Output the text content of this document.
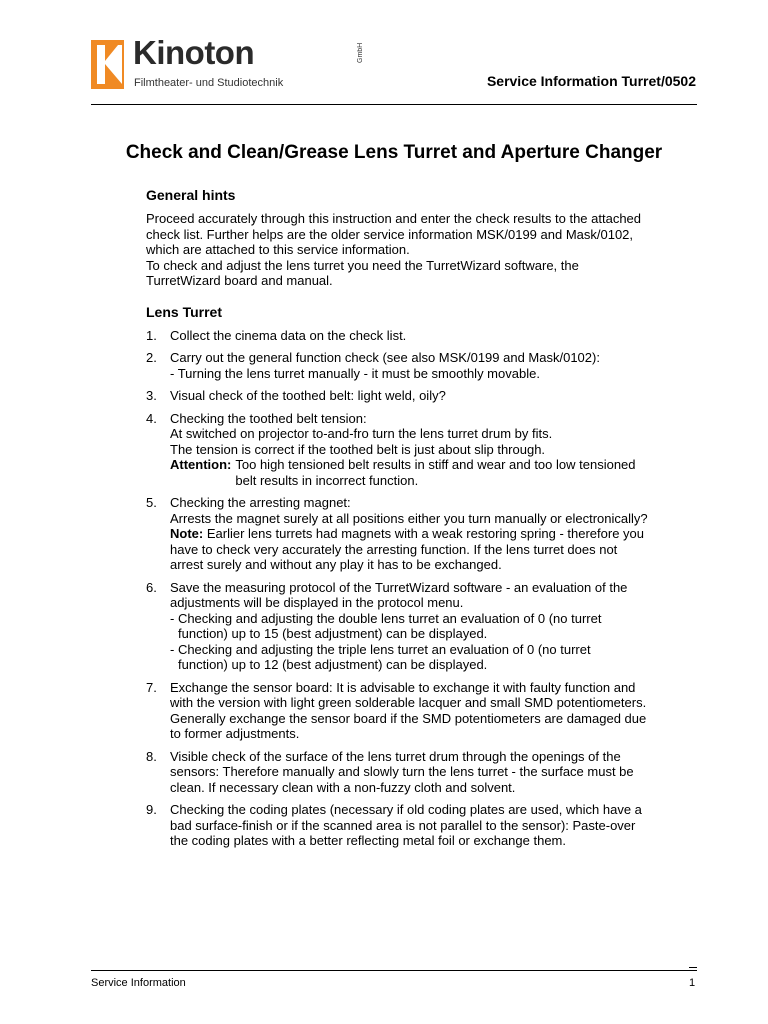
Kinoton
Filmtheater- und Studiotechnik
GmbH
Service Information Turret/0502
Check and Clean/Grease Lens Turret and Aperture Changer
General hints

Proceed accurately through this instruction and enter the check results to the attached
check list. Further helps are the older service information MSK/0199 and Mask/0102,
which are attached to this service information.
To check and adjust the lens turret you need the TurretWizard software, the
TurretWizard board and manual.

Lens Turret
1. Collect the cinema data on the check list.
2. Carry out the general function check (see also MSK/0199 and Mask/0102):
- Turning the lens turret manually - it must be smoothly movable.
3. Visual check of the toothed belt: light weld, oily?
4. Checking the toothed belt tension:
At switched on projector to-and-fro turn the lens turret drum by fits.
The tension is correct if the toothed belt is just about slip through.
Attention: Too high tensioned belt results in stiff and wear and too low tensioned
belt results in incorrect function.
5. Checking the arresting magnet:
Arrests the magnet surely at all positions either you turn manually or electronically?
Note: Earlier lens turrets had magnets with a weak restoring spring - therefore you
have to check very accurately the arresting function. If the lens turret does not
arrest surely and without any play it has to be exchanged.
6. Save the measuring protocol of the TurretWizard software - an evaluation of the
adjustments will be displayed in the protocol menu.
- Checking and adjusting the double lens turret an evaluation of 0 (no turret
function) up to 15 (best adjustment) can be displayed.
- Checking and adjusting the triple lens turret an evaluation of 0 (no turret
function) up to 12 (best adjustment) can be displayed.
7. Exchange the sensor board: It is advisable to exchange it with faulty function and
with the version with light green solderable lacquer and small SMD potentiometers.
Generally exchange the sensor board if the SMD potentiometers are damaged due
to former adjustments.
8. Visible check of the surface of the lens turret drum through the openings of the
sensors: Therefore manually and slowly turn the lens turret - the surface must be
clean. If necessary clean with a non-fuzzy cloth and solvent.
9. Checking the coding plates (necessary if old coding plates are used, which have a
bad surface-finish or if the scanned area is not parallel to the sensor): Paste-over
the coding plates with a better reflecting metal foil or exchange them.
Service Information	1
